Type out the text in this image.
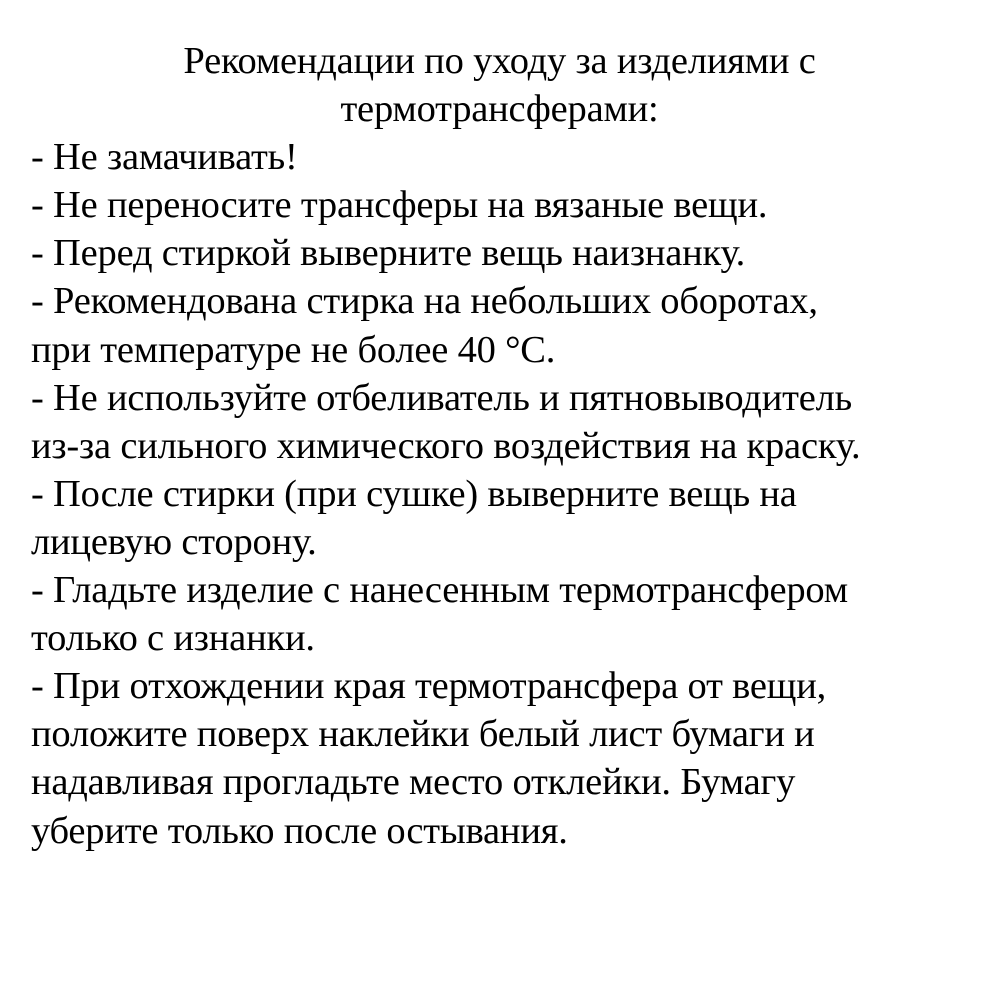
Рекомендации по уходу за изделиями с
термотрансферами:
- Не замачивать!
- Не переносите трансферы на вязаные вещи.
- Перед стиркой выверните вещь наизнанку.
- Рекомендована стирка на небольших оборотах,
при температуре не более 40 °C.
- Не используйте отбеливатель и пятновыводитель
из-за сильного химического воздействия на краску.
- После стирки (при сушке) выверните вещь на
лицевую сторону.
- Гладьте изделие с нанесенным термотрансфером
только с изнанки.
- При отхождении края термотрансфера от вещи,
положите поверх наклейки белый лист бумаги и
надавливая прогладьте место отклейки. Бумагу
уберите только после остывания.
